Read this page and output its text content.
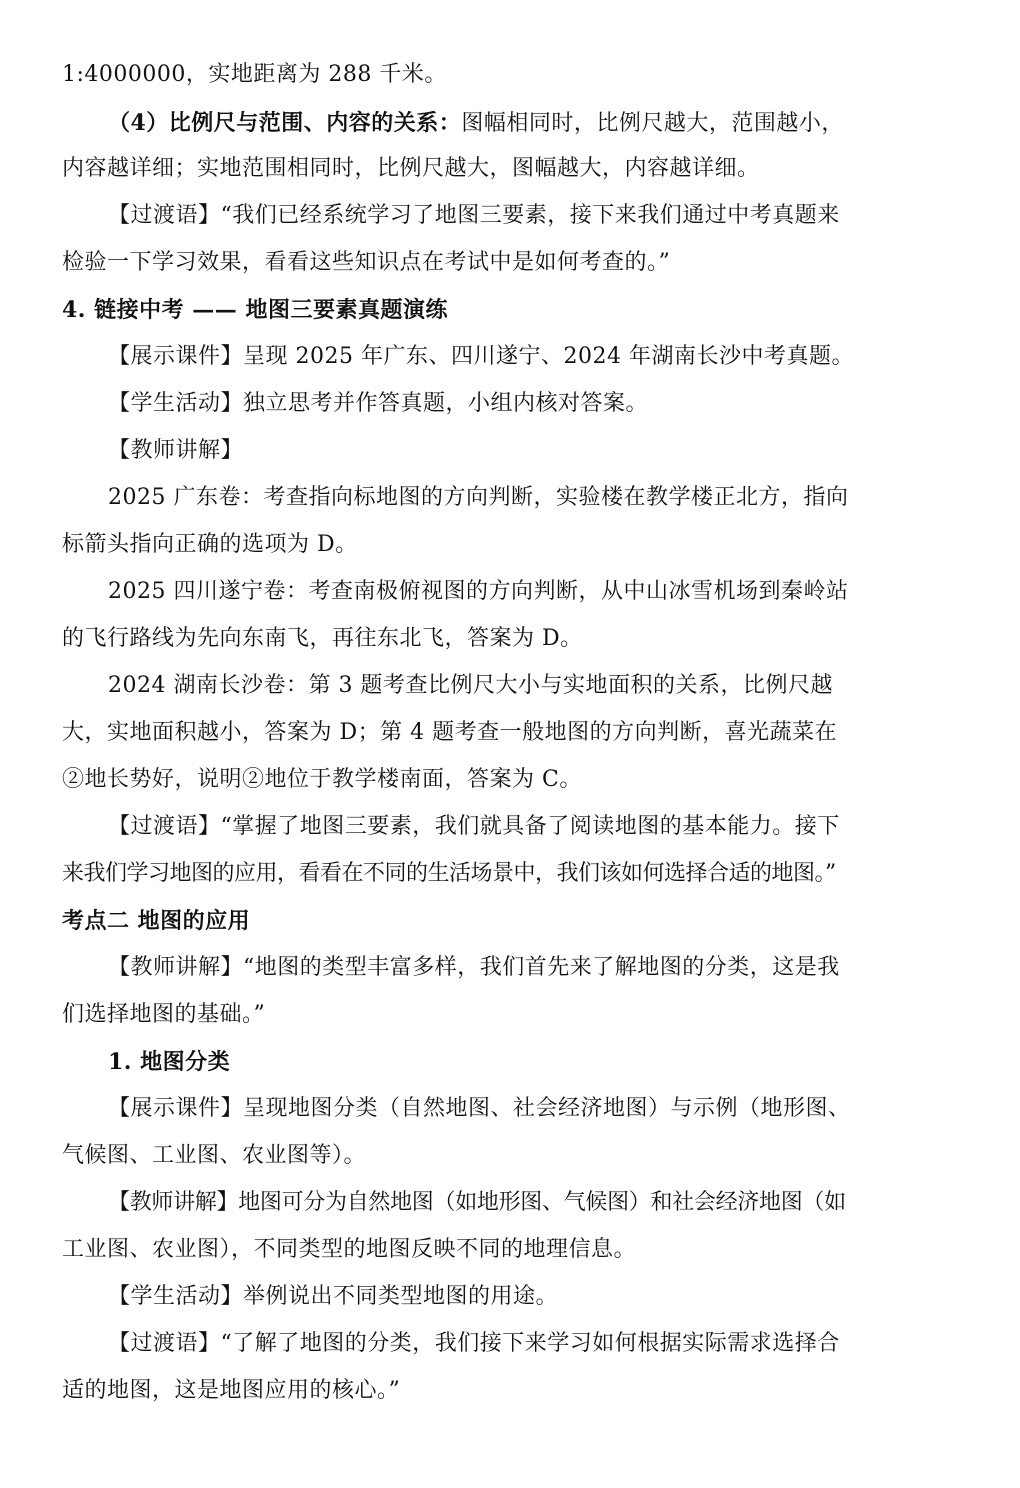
1:4000000，实地距离为 288 千米。
（4）比例尺与范围、内容的关系：图幅相同时，比例尺越大，范围越小，
内容越详细；实地范围相同时，比例尺越大，图幅越大，内容越详细。
【过渡语】“我们已经系统学习了地图三要素，接下来我们通过中考真题来
检验一下学习效果，看看这些知识点在考试中是如何考查的。”
4. 链接中考 —— 地图三要素真题演练
【展示课件】呈现 2025 年广东、四川遂宁、2024 年湖南长沙中考真题。
【学生活动】独立思考并作答真题，小组内核对答案。
【教师讲解】
2025 广东卷：考查指向标地图的方向判断，实验楼在教学楼正北方，指向
标箭头指向正确的选项为 D。
2025 四川遂宁卷：考查南极俯视图的方向判断，从中山冰雪机场到秦岭站
的飞行路线为先向东南飞，再往东北飞，答案为 D。
2024 湖南长沙卷：第 3 题考查比例尺大小与实地面积的关系，比例尺越
大，实地面积越小，答案为 D；第 4 题考查一般地图的方向判断，喜光蔬菜在
②地长势好，说明②地位于教学楼南面，答案为 C。
【过渡语】“掌握了地图三要素，我们就具备了阅读地图的基本能力。接下
来我们学习地图的应用，看看在不同的生活场景中，我们该如何选择合适的地图。”
考点二 地图的应用
【教师讲解】“地图的类型丰富多样，我们首先来了解地图的分类，这是我
们选择地图的基础。”
1. 地图分类
【展示课件】呈现地图分类（自然地图、社会经济地图）与示例（地形图、
气候图、工业图、农业图等）。
【教师讲解】地图可分为自然地图（如地形图、气候图）和社会经济地图（如
工业图、农业图），不同类型的地图反映不同的地理信息。
【学生活动】举例说出不同类型地图的用途。
【过渡语】“了解了地图的分类，我们接下来学习如何根据实际需求选择合
适的地图，这是地图应用的核心。”
